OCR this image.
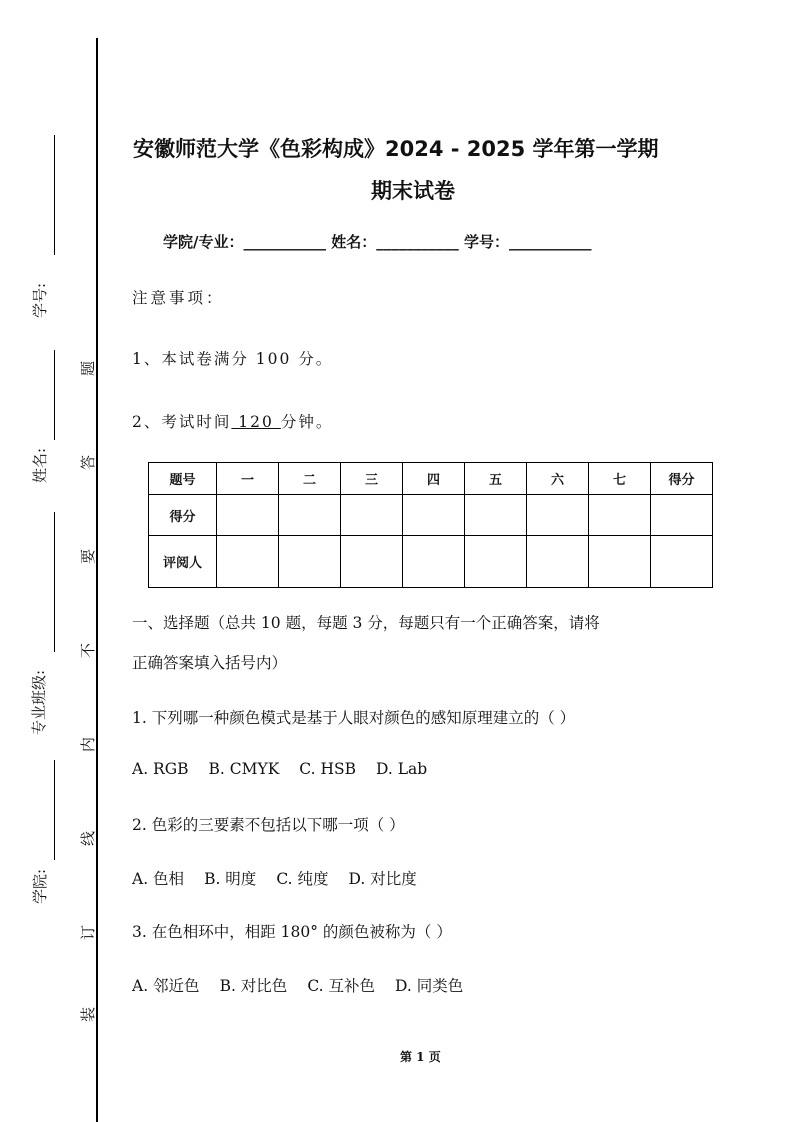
学号:
姓名:
专业班级:
学院:
题
答
要
不
内
线
订
装
安徽师范大学《色彩构成》2024 - 2025 学年第一学期
期末试卷
学院/专业：___________ 姓名：___________ 学号：___________
注意事项：
1、本试卷满分 100 分。
2、考试时间 120 分钟。
题号	一	二	三	四	五	六	七	得分
得分								
评阅人								
一、选择题（总共 10 题，每题 3 分，每题只有一个正确答案，请将
正确答案填入括号内）
1. 下列哪一种颜色模式是基于人眼对颜色的感知原理建立的（ ）
A. RGB B. CMYK C. HSB D. Lab
2. 色彩的三要素不包括以下哪一项（ ）
A. 色相 B. 明度 C. 纯度 D. 对比度
3. 在色相环中，相距 180° 的颜色被称为（ ）
A. 邻近色 B. 对比色 C. 互补色 D. 同类色
第 1 页
